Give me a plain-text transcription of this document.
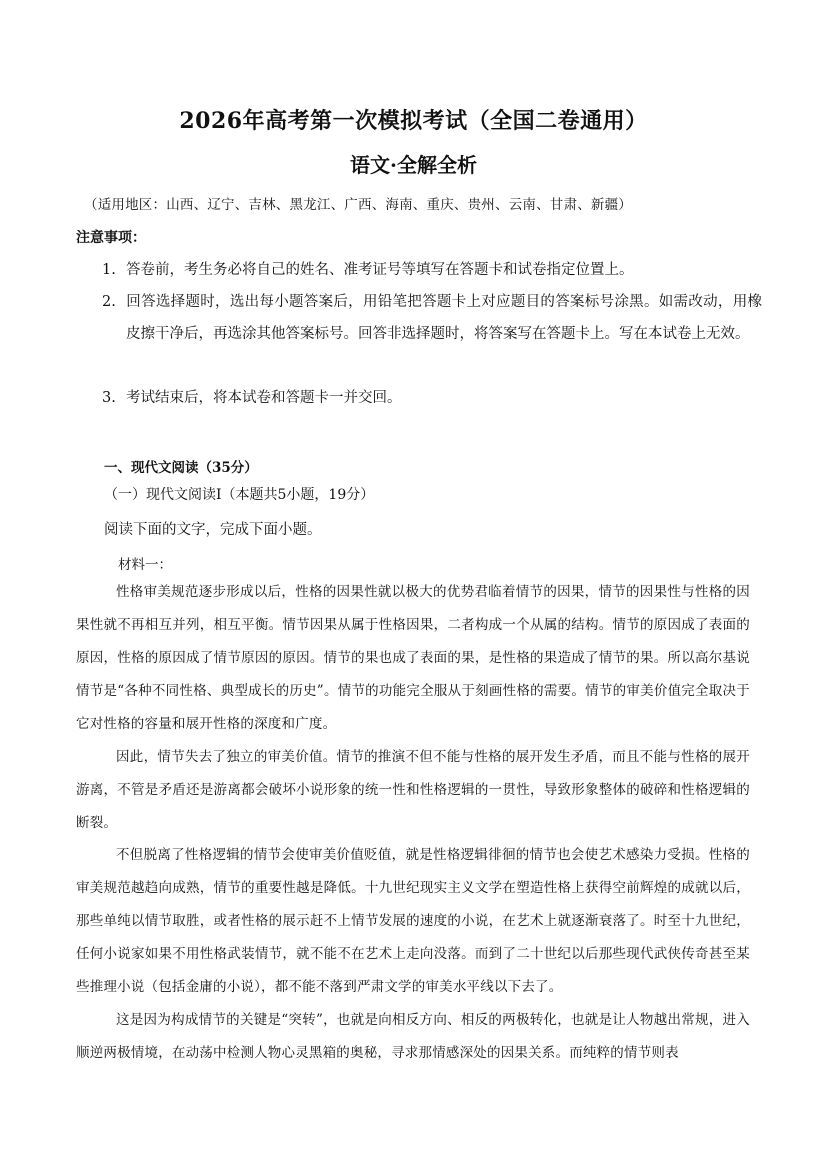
2026年高考第一次模拟考试（全国二卷通用）
语文·全解全析
（适用地区：山西、辽宁、吉林、黑龙江、广西、海南、重庆、贵州、云南、甘肃、新疆）
注意事项：
1. 答卷前，考生务必将自己的姓名、准考证号等填写在答题卡和试卷指定位置上。
2. 回答选择题时，选出每小题答案后，用铅笔把答题卡上对应题目的答案标号涂黑。如需改动，用橡皮擦干净后，再选涂其他答案标号。回答非选择题时，将答案写在答题卡上。写在本试卷上无效。
3. 考试结束后，将本试卷和答题卡一并交回。
一、现代文阅读（35分）
（一）现代文阅读Ⅰ（本题共5小题，19分）
阅读下面的文字，完成下面小题。
材料一：
性格审美规范逐步形成以后，性格的因果性就以极大的优势君临着情节的因果，情节的因果性与性格的因果性就不再相互并列，相互平衡。情节因果从属于性格因果，二者构成一个从属的结构。情节的原因成了表面的原因，性格的原因成了情节原因的原因。情节的果也成了表面的果，是性格的果造成了情节的果。所以高尔基说情节是“各种不同性格、典型成长的历史”。情节的功能完全服从于刻画性格的需要。情节的审美价值完全取决于它对性格的容量和展开性格的深度和广度。
因此，情节失去了独立的审美价值。情节的推演不但不能与性格的展开发生矛盾，而且不能与性格的展开游离，不管是矛盾还是游离都会破坏小说形象的统一性和性格逻辑的一贯性，导致形象整体的破碎和性格逻辑的断裂。
不但脱离了性格逻辑的情节会使审美价值贬值，就是性格逻辑徘徊的情节也会使艺术感染力受损。性格的审美规范越趋向成熟，情节的重要性越是降低。十九世纪现实主义文学在塑造性格上获得空前辉煌的成就以后，那些单纯以情节取胜，或者性格的展示赶不上情节发展的速度的小说，在艺术上就逐渐衰落了。时至十九世纪，任何小说家如果不用性格武装情节，就不能不在艺术上走向没落。而到了二十世纪以后那些现代武侠传奇甚至某些推理小说（包括金庸的小说），都不能不落到严肃文学的审美水平线以下去了。
这是因为构成情节的关键是“突转”，也就是向相反方向、相反的两极转化，也就是让人物越出常规，进入顺逆两极情境，在动荡中检测人物心灵黑箱的奥秘，寻求那情感深处的因果关系。而纯粹的情节则表
